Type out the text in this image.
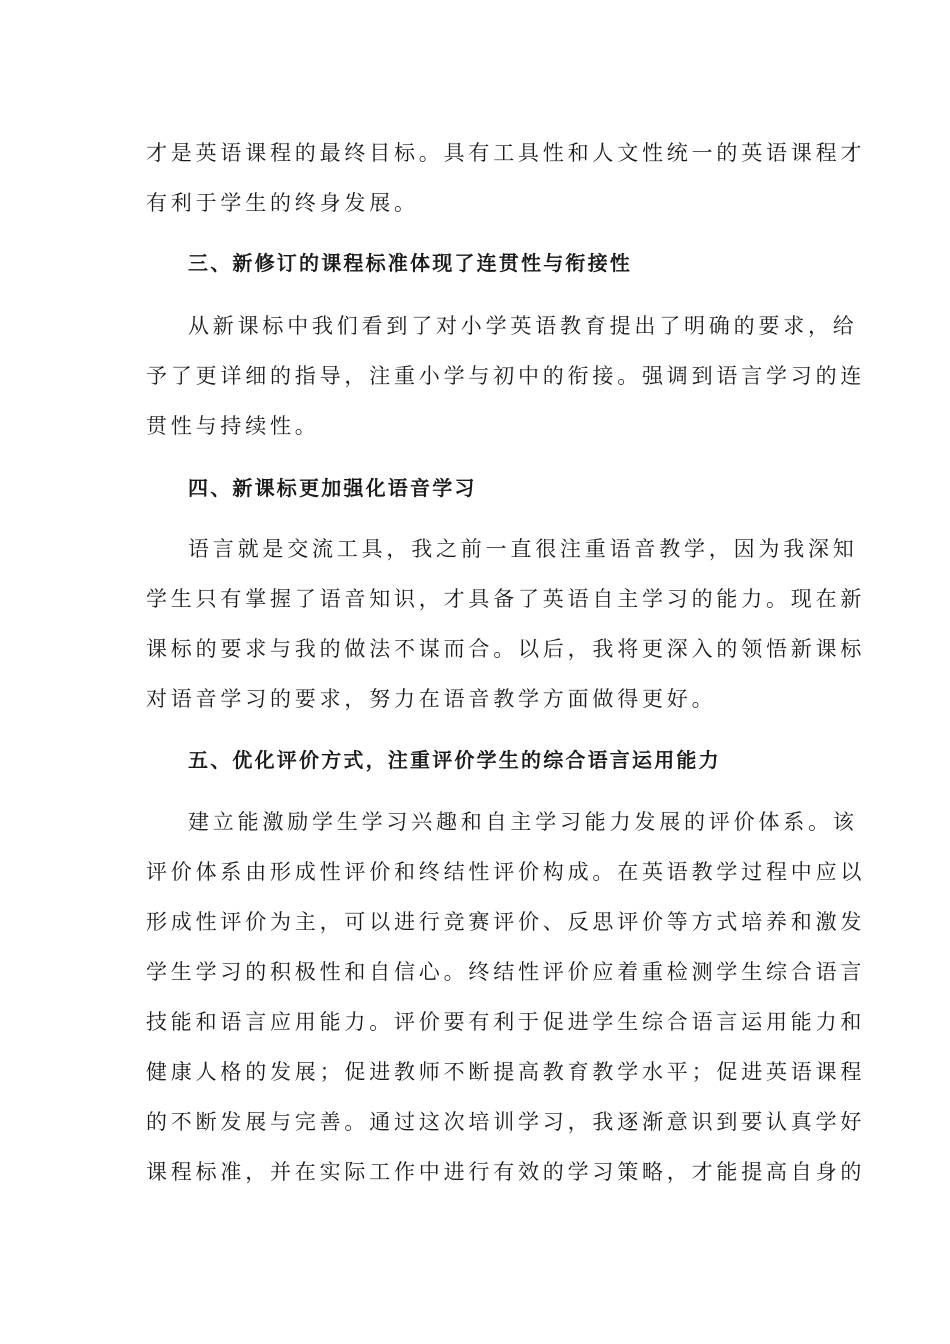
才是英语课程的最终目标。具有工具性和人文性统一的英语课程才
有利于学生的终身发展。
三、新修订的课程标准体现了连贯性与衔接性
从新课标中我们看到了对小学英语教育提出了明确的要求，给
予了更详细的指导，注重小学与初中的衔接。强调到语言学习的连
贯性与持续性。
四、新课标更加强化语音学习
语言就是交流工具，我之前一直很注重语音教学，因为我深知
学生只有掌握了语音知识，才具备了英语自主学习的能力。现在新
课标的要求与我的做法不谋而合。以后，我将更深入的领悟新课标
对语音学习的要求，努力在语音教学方面做得更好。
五、优化评价方式，注重评价学生的综合语言运用能力
建立能激励学生学习兴趣和自主学习能力发展的评价体系。该
评价体系由形成性评价和终结性评价构成。在英语教学过程中应以
形成性评价为主，可以进行竞赛评价、反思评价等方式培养和激发
学生学习的积极性和自信心。终结性评价应着重检测学生综合语言
技能和语言应用能力。评价要有利于促进学生综合语言运用能力和
健康人格的发展；促进教师不断提高教育教学水平；促进英语课程
的不断发展与完善。通过这次培训学习，我逐渐意识到要认真学好
课程标准，并在实际工作中进行有效的学习策略，才能提高自身的
